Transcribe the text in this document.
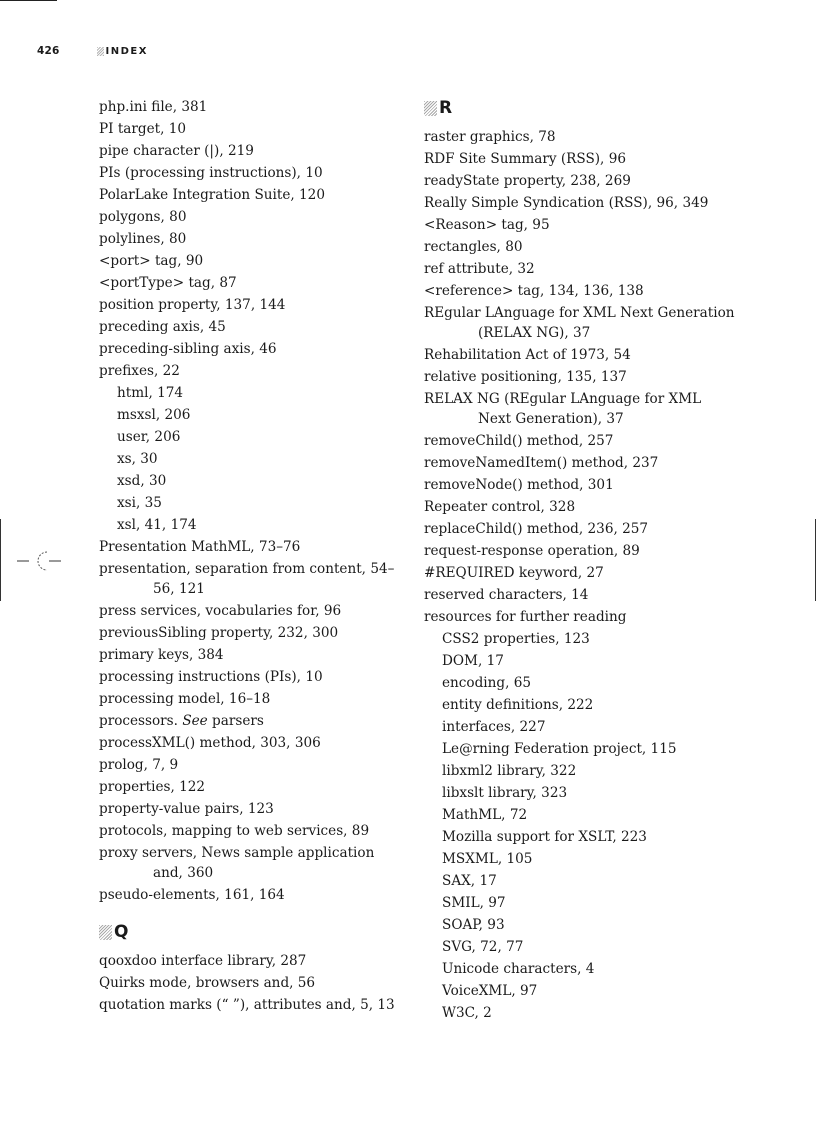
426	INDEX
php.ini file, 381
PI target, 10
pipe character (|), 219
PIs (processing instructions), 10
PolarLake Integration Suite, 120
polygons, 80
polylines, 80
<port> tag, 90
<portType> tag, 87
position property, 137, 144
preceding axis, 45
preceding-sibling axis, 46
prefixes, 22
html, 174
msxsl, 206
user, 206
xs, 30
xsd, 30
xsi, 35
xsl, 41, 174
Presentation MathML, 73–76
presentation, separation from content, 54–56, 121
press services, vocabularies for, 96
previousSibling property, 232, 300
primary keys, 384
processing instructions (PIs), 10
processing model, 16–18
processors. See parsers
processXML() method, 303, 306
prolog, 7, 9
properties, 122
property-value pairs, 123
protocols, mapping to web services, 89
proxy servers, News sample application and, 360
pseudo-elements, 161, 164
Q
qooxdoo interface library, 287
Quirks mode, browsers and, 56
quotation marks (“ ”), attributes and, 5, 13
R
raster graphics, 78
RDF Site Summary (RSS), 96
readyState property, 238, 269
Really Simple Syndication (RSS), 96, 349
<Reason> tag, 95
rectangles, 80
ref attribute, 32
<reference> tag, 134, 136, 138
REgular LAnguage for XML Next Generation (RELAX NG), 37
Rehabilitation Act of 1973, 54
relative positioning, 135, 137
RELAX NG (REgular LAnguage for XML Next Generation), 37
removeChild() method, 257
removeNamedItem() method, 237
removeNode() method, 301
Repeater control, 328
replaceChild() method, 236, 257
request-response operation, 89
#REQUIRED keyword, 27
reserved characters, 14
resources for further reading
CSS2 properties, 123
DOM, 17
encoding, 65
entity definitions, 222
interfaces, 227
Le@rning Federation project, 115
libxml2 library, 322
libxslt library, 323
MathML, 72
Mozilla support for XSLT, 223
MSXML, 105
SAX, 17
SMIL, 97
SOAP, 93
SVG, 72, 77
Unicode characters, 4
VoiceXML, 97
W3C, 2
